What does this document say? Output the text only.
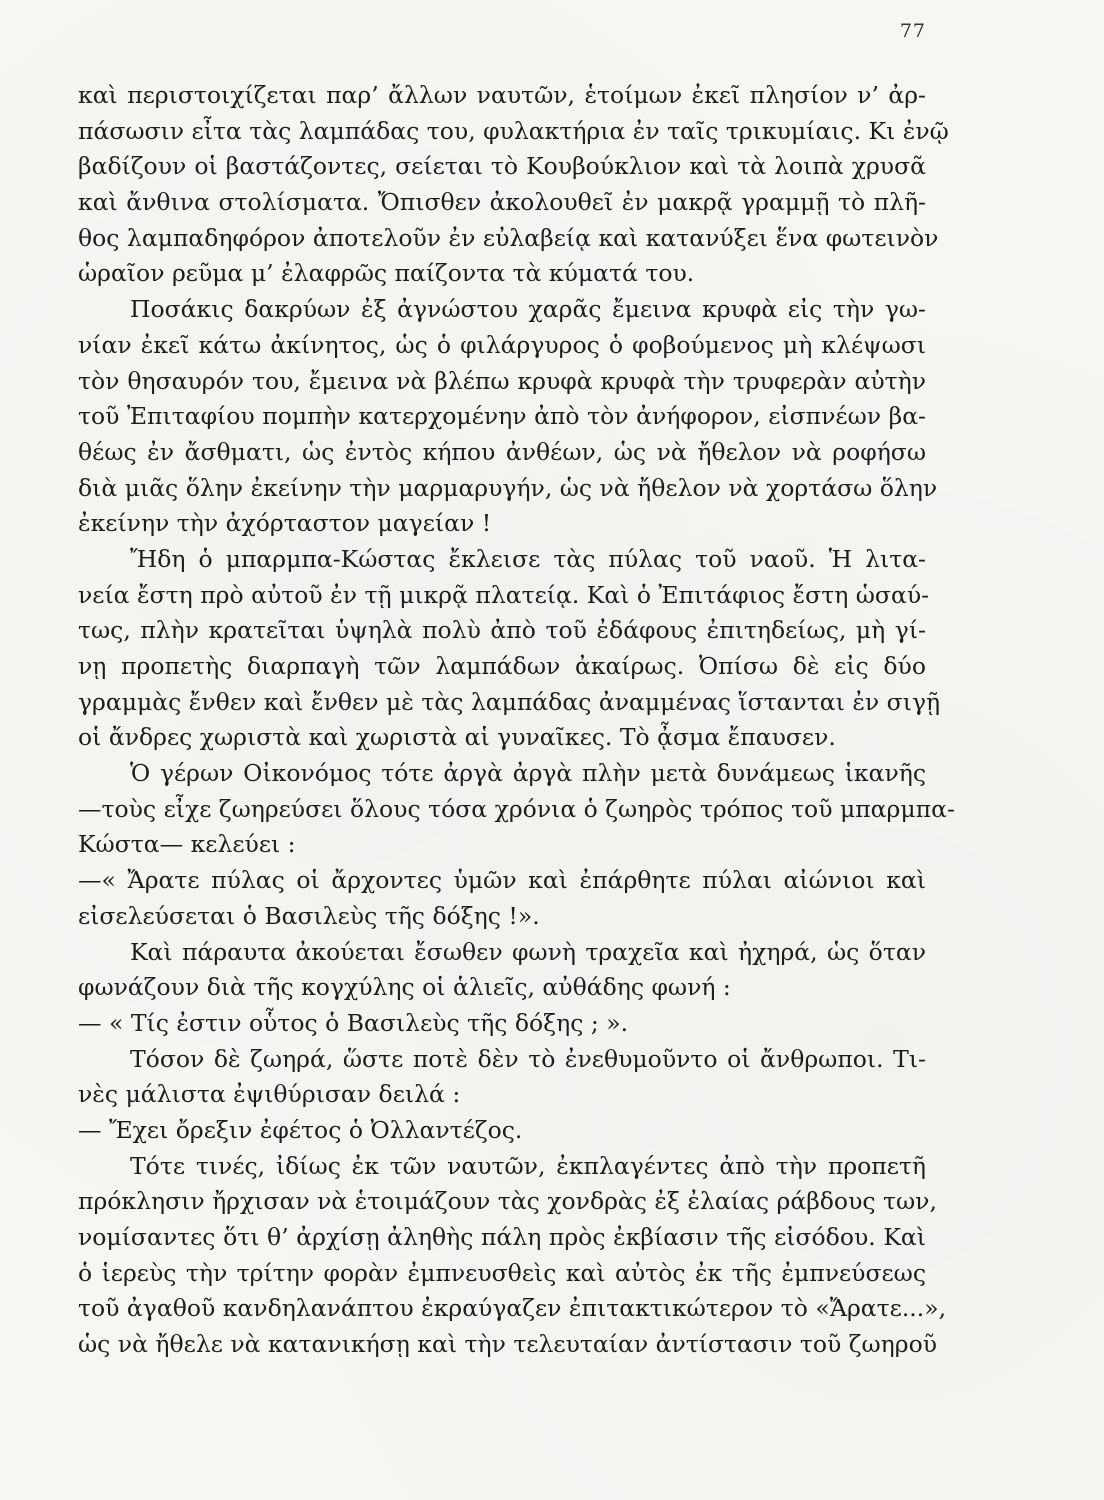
77
καὶ περιστοιχίζεται παρ’ ἄλλων ναυτῶν, ἑτοίμων ἐκεῖ πλησίον ν’ ἀρ-
πάσωσιν εἶτα τὰς λαμπάδας του, φυλακτήρια ἐν ταῖς τρικυμίαις. Κι ἐνῷ
βαδίζουν οἱ βαστάζοντες, σείεται τὸ Κουβούκλιον καὶ τὰ λοιπὰ χρυσᾶ
καὶ ἄνθινα στολίσματα. Ὄπισθεν ἀκολουθεῖ ἐν μακρᾷ γραμμῇ τὸ πλῆ-
θος λαμπαδηφόρον ἀποτελοῦν ἐν εὐλαβείᾳ καὶ κατανύξει ἕνα φωτεινὸν
ὡραῖον ρεῦμα μ’ ἐλαφρῶς παίζοντα τὰ κύματά του.
Ποσάκις δακρύων ἐξ ἀγνώστου χαρᾶς ἔμεινα κρυφὰ εἰς τὴν γω-
νίαν ἐκεῖ κάτω ἀκίνητος, ὡς ὁ φιλάργυρος ὁ φοβούμενος μὴ κλέψωσι
τὸν θησαυρόν του, ἔμεινα νὰ βλέπω κρυφὰ κρυφὰ τὴν τρυφερὰν αὐτὴν
τοῦ Ἐπιταφίου πομπὴν κατερχομένην ἀπὸ τὸν ἀνήφορον, εἰσπνέων βα-
θέως ἐν ἄσθματι, ὡς ἐντὸς κήπου ἀνθέων, ὡς νὰ ἤθελον νὰ ροφήσω
διὰ μιᾶς ὅλην ἐκείνην τὴν μαρμαρυγήν, ὡς νὰ ἤθελον νὰ χορτάσω ὅλην
ἐκείνην τὴν ἀχόρταστον μαγείαν !
Ἤδη ὁ μπαρμπα-Κώστας ἔκλεισε τὰς πύλας τοῦ ναοῦ. Ἡ λιτα-
νεία ἔστη πρὸ αὐτοῦ ἐν τῇ μικρᾷ πλατείᾳ. Καὶ ὁ Ἐπιτάφιος ἔστη ὡσαύ-
τως, πλὴν κρατεῖται ὑψηλὰ πολὺ ἀπὸ τοῦ ἐδάφους ἐπιτηδείως, μὴ γί-
νῃ προπετὴς διαρπαγὴ τῶν λαμπάδων ἀκαίρως. Ὀπίσω δὲ εἰς δύο
γραμμὰς ἔνθεν καὶ ἔνθεν μὲ τὰς λαμπάδας ἀναμμένας ἵστανται ἐν σιγῇ
οἱ ἄνδρες χωριστὰ καὶ χωριστὰ αἱ γυναῖκες. Τὸ ᾆσμα ἔπαυσεν.
Ὁ γέρων Οἰκονόμος τότε ἀργὰ ἀργὰ πλὴν μετὰ δυνάμεως ἱκανῆς
—τοὺς εἶχε ζωηρεύσει ὅλους τόσα χρόνια ὁ ζωηρὸς τρόπος τοῦ μπαρμπα-
Κώστα— κελεύει :
—« Ἄρατε πύλας οἱ ἄρχοντες ὑμῶν καὶ ἐπάρθητε πύλαι αἰώνιοι καὶ
εἰσελεύσεται ὁ Βασιλεὺς τῆς δόξης !».
Καὶ πάραυτα ἀκούεται ἔσωθεν φωνὴ τραχεῖα καὶ ἠχηρά, ὡς ὅταν
φωνάζουν διὰ τῆς κογχύλης οἱ ἁλιεῖς, αὐθάδης φωνή :
— « Τίς ἐστιν οὗτος ὁ Βασιλεὺς τῆς δόξης ; ».
Τόσον δὲ ζωηρά, ὥστε ποτὲ δὲν τὸ ἐνεθυμοῦντο οἱ ἄνθρωποι. Τι-
νὲς μάλιστα ἐψιθύρισαν δειλά :
— Ἔχει ὄρεξιν ἐφέτος ὁ Ὀλλαντέζος.
Τότε τινές, ἰδίως ἐκ τῶν ναυτῶν, ἐκπλαγέντες ἀπὸ τὴν προπετῆ
πρόκλησιν ἤρχισαν νὰ ἑτοιμάζουν τὰς χονδρὰς ἐξ ἐλαίας ράβδους των,
νομίσαντες ὅτι θ’ ἀρχίσῃ ἀληθὴς πάλη πρὸς ἐκβίασιν τῆς εἰσόδου. Καὶ
ὁ ἱερεὺς τὴν τρίτην φορὰν ἐμπνευσθεὶς καὶ αὐτὸς ἐκ τῆς ἐμπνεύσεως
τοῦ ἀγαθοῦ κανδηλανάπτου ἐκραύγαζεν ἐπιτακτικώτερον τὸ «Ἄρατε...»,
ὡς νὰ ἤθελε νὰ κατανικήσῃ καὶ τὴν τελευταίαν ἀντίστασιν τοῦ ζωηροῦ
